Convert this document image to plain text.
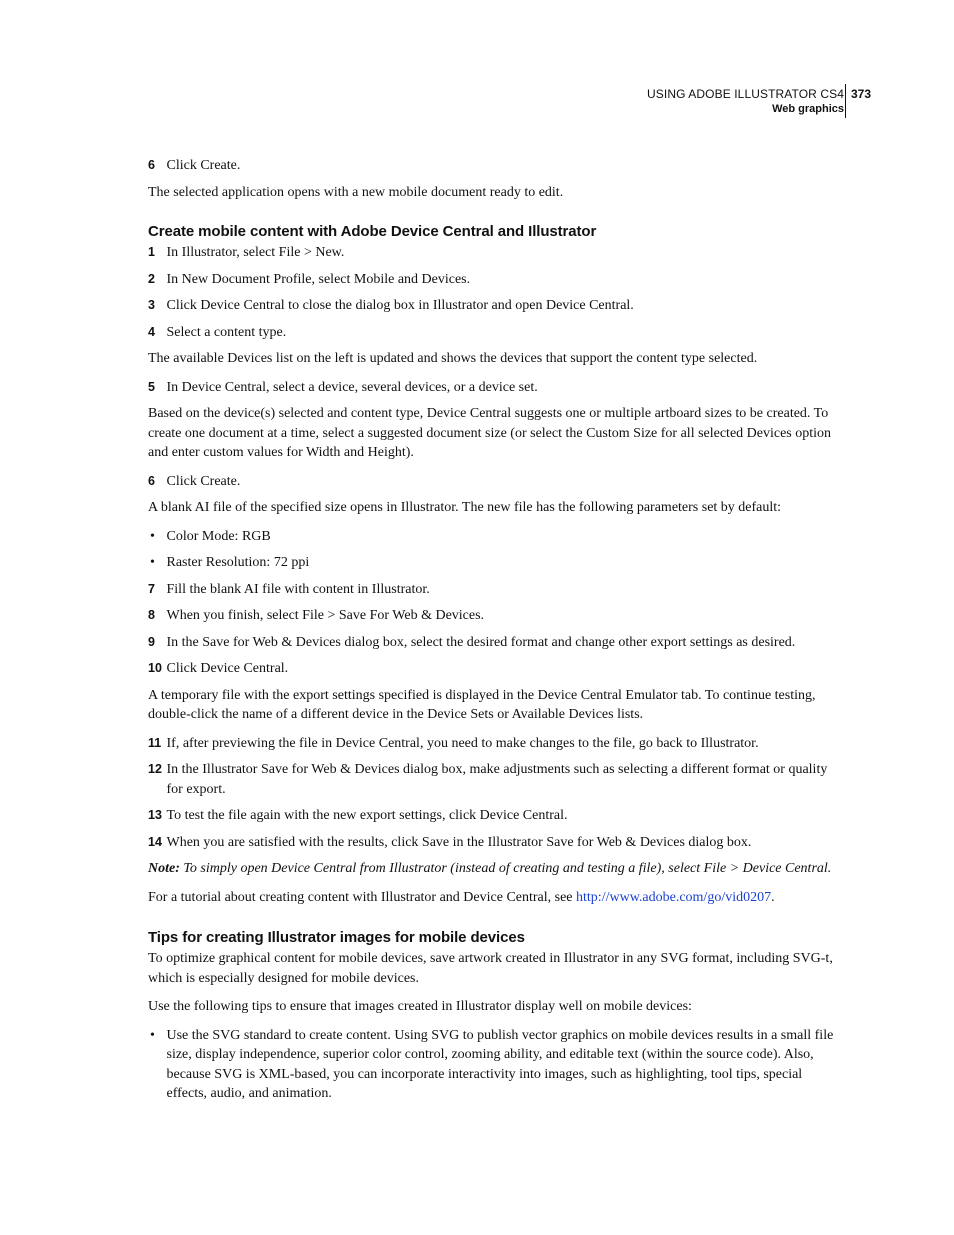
USING ADOBE ILLUSTRATOR CS4
Web graphics
373
6 Click Create.

The selected application opens with a new mobile document ready to edit.

Create mobile content with Adobe Device Central and Illustrator
1 In Illustrator, select File > New.
2 In New Document Profile, select Mobile and Devices.
3 Click Device Central to close the dialog box in Illustrator and open Device Central.
4 Select a content type.

The available Devices list on the left is updated and shows the devices that support the content type selected.

5 In Device Central, select a device, several devices, or a device set.

Based on the device(s) selected and content type, Device Central suggests one or multiple artboard sizes to be created. To create one document at a time, select a suggested document size (or select the Custom Size for all selected Devices option and enter custom values for Width and Height).

6 Click Create.

A blank AI file of the specified size opens in Illustrator. The new file has the following parameters set by default:

• Color Mode: RGB
• Raster Resolution: 72 ppi
7 Fill the blank AI file with content in Illustrator.
8 When you finish, select File > Save For Web & Devices.
9 In the Save for Web & Devices dialog box, select the desired format and change other export settings as desired.
10 Click Device Central.

A temporary file with the export settings specified is displayed in the Device Central Emulator tab. To continue testing, double-click the name of a different device in the Device Sets or Available Devices lists.

11 If, after previewing the file in Device Central, you need to make changes to the file, go back to Illustrator.
12 In the Illustrator Save for Web & Devices dialog box, make adjustments such as selecting a different format or quality for export.
13 To test the file again with the new export settings, click Device Central.
14 When you are satisfied with the results, click Save in the Illustrator Save for Web & Devices dialog box.

Note: To simply open Device Central from Illustrator (instead of creating and testing a file), select File > Device Central.

For a tutorial about creating content with Illustrator and Device Central, see http://www.adobe.com/go/vid0207.

Tips for creating Illustrator images for mobile devices

To optimize graphical content for mobile devices, save artwork created in Illustrator in any SVG format, including SVG-t, which is especially designed for mobile devices.

Use the following tips to ensure that images created in Illustrator display well on mobile devices:

• Use the SVG standard to create content. Using SVG to publish vector graphics on mobile devices results in a small file size, display independence, superior color control, zooming ability, and editable text (within the source code). Also, because SVG is XML-based, you can incorporate interactivity into images, such as highlighting, tool tips, special effects, audio, and animation.
